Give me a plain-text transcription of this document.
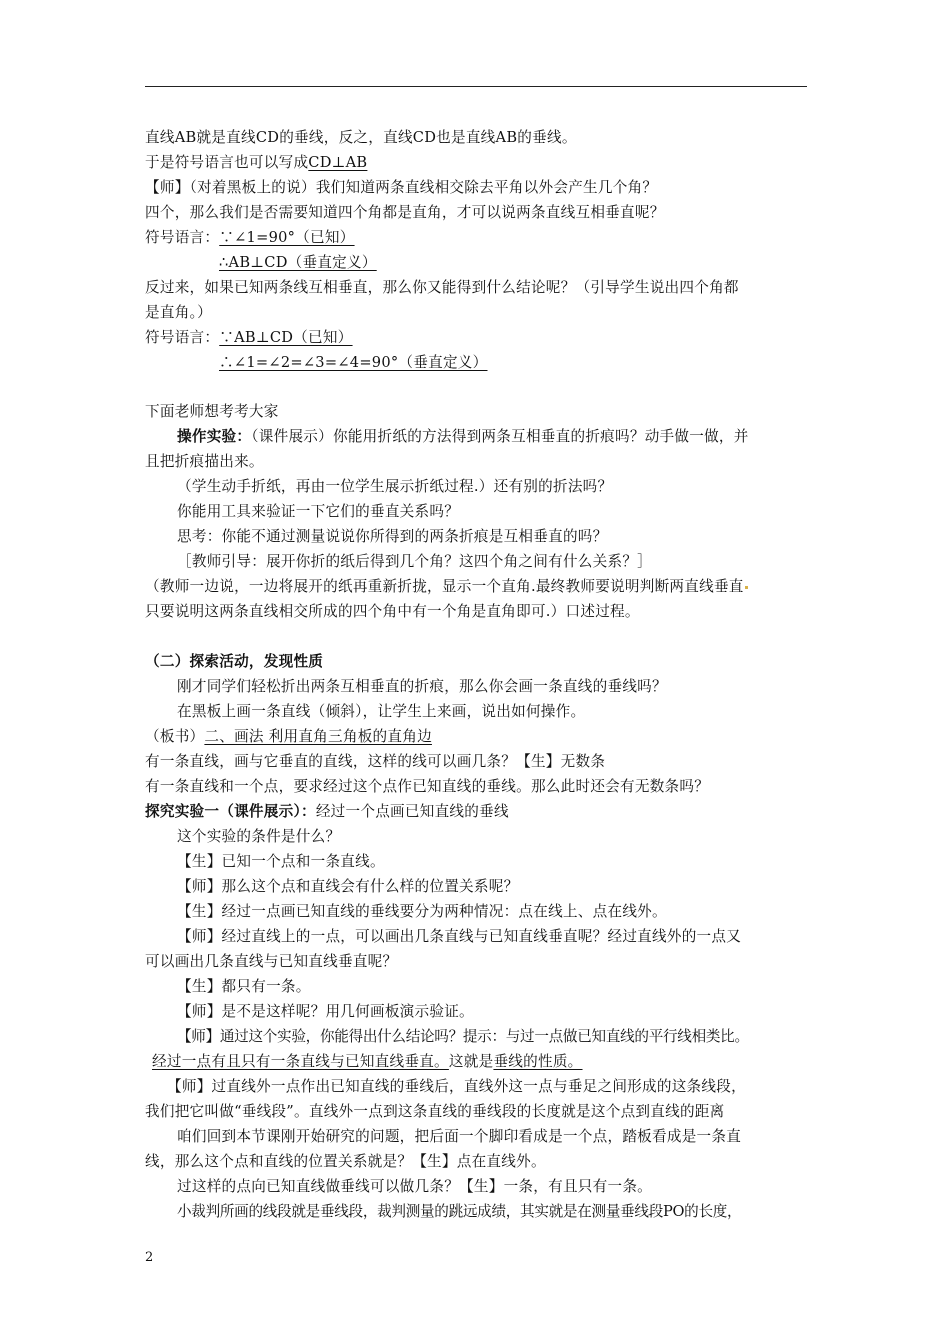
直线AB就是直线CD的垂线，反之，直线CD也是直线AB的垂线。
于是符号语言也可以写成CD⊥AB
【师】（对着黑板上的说）我们知道两条直线相交除去平角以外会产生几个角？
四个，那么我们是否需要知道四个角都是直角，才可以说两条直线互相垂直呢？
符号语言：∵∠1=90°（已知）
∴AB⊥CD（垂直定义）
反过来，如果已知两条线互相垂直，那么你又能得到什么结论呢？（引导学生说出四个角都
是直角。）
符号语言：∵AB⊥CD（已知）
∴∠1=∠2=∠3=∠4=90°（垂直定义）
下面老师想考考大家
操作实验：（课件展示）你能用折纸的方法得到两条互相垂直的折痕吗？动手做一做，并
且把折痕描出来。
（学生动手折纸，再由一位学生展示折纸过程.）还有别的折法吗？
你能用工具来验证一下它们的垂直关系吗？
思考：你能不通过测量说说你所得到的两条折痕是互相垂直的吗？
［教师引导：展开你折的纸后得到几个角？这四个角之间有什么关系？］
（教师一边说，一边将展开的纸再重新折拢，显示一个直角.最终教师要说明判断两直线垂直
只要说明这两条直线相交所成的四个角中有一个角是直角即可.）口述过程。
（二）探索活动，发现性质
刚才同学们轻松折出两条互相垂直的折痕，那么你会画一条直线的垂线吗？
在黑板上画一条直线（倾斜），让学生上来画，说出如何操作。
（板书）二、画法 利用直角三角板的直角边
有一条直线，画与它垂直的直线，这样的线可以画几条？【生】无数条
有一条直线和一个点，要求经过这个点作已知直线的垂线。那么此时还会有无数条吗？
探究实验一（课件展示）：经过一个点画已知直线的垂线
这个实验的条件是什么？
【生】已知一个点和一条直线。
【师】那么这个点和直线会有什么样的位置关系呢？
【生】经过一点画已知直线的垂线要分为两种情况：点在线上、点在线外。
【师】经过直线上的一点，可以画出几条直线与已知直线垂直呢？经过直线外的一点又
可以画出几条直线与已知直线垂直呢？
【生】都只有一条。
【师】是不是这样呢？用几何画板演示验证。
【师】通过这个实验，你能得出什么结论吗？提示：与过一点做已知直线的平行线相类比。
经过一点有且只有一条直线与已知直线垂直。这就是垂线的性质。
【师】过直线外一点作出已知直线的垂线后，直线外这一点与垂足之间形成的这条线段，
我们把它叫做“垂线段”。直线外一点到这条直线的垂线段的长度就是这个点到直线的距离
咱们回到本节课刚开始研究的问题，把后面一个脚印看成是一个点，踏板看成是一条直
线，那么这个点和直线的位置关系就是？【生】点在直线外。
过这样的点向已知直线做垂线可以做几条？【生】一条，有且只有一条。
小裁判所画的线段就是垂线段，裁判测量的跳远成绩，其实就是在测量垂线段PO的长度，
2
